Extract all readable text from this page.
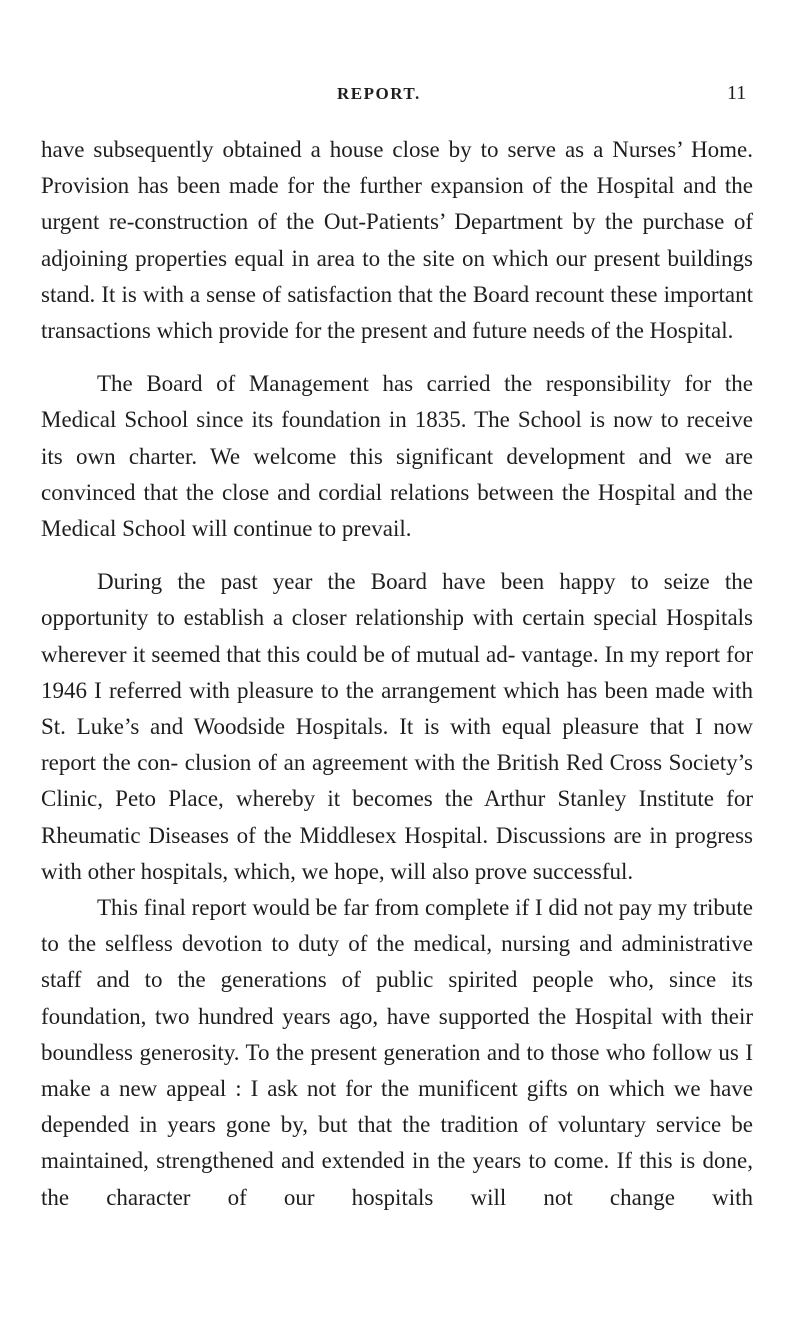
REPORT.	11

have subsequently obtained a house close by to serve as a Nurses’ Home. Provision has been made for the further expansion of the Hospital and the urgent re-construction of the Out-Patients’ Department by the purchase of adjoining properties equal in area to the site on which our present buildings stand. It is with a sense of satisfaction that the Board recount these important transactions which provide for the present and future needs of the Hospital.

The Board of Management has carried the responsibility for the Medical School since its foundation in 1835. The School is now to receive its own charter. We welcome this significant development and we are convinced that the close and cordial relations between the Hospital and the Medical School will continue to prevail.

During the past year the Board have been happy to seize the opportunity to establish a closer relationship with certain special Hospitals wherever it seemed that this could be of mutual ad- vantage. In my report for 1946 I referred with pleasure to the arrangement which has been made with St. Luke’s and Woodside Hospitals. It is with equal pleasure that I now report the con- clusion of an agreement with the British Red Cross Society’s Clinic, Peto Place, whereby it becomes the Arthur Stanley Institute for Rheumatic Diseases of the Middlesex Hospital. Discussions are in progress with other hospitals, which, we hope, will also prove successful.

This final report would be far from complete if I did not pay my tribute to the selfless devotion to duty of the medical, nursing and administrative staff and to the generations of public spirited people who, since its foundation, two hundred years ago, have supported the Hospital with their boundless generosity. To the present generation and to those who follow us I make a new appeal : I ask not for the munificent gifts on which we have depended in years gone by, but that the tradition of voluntary service be maintained, strengthened and extended in the years to come. If this is done, the character of our hospitals will not change with
